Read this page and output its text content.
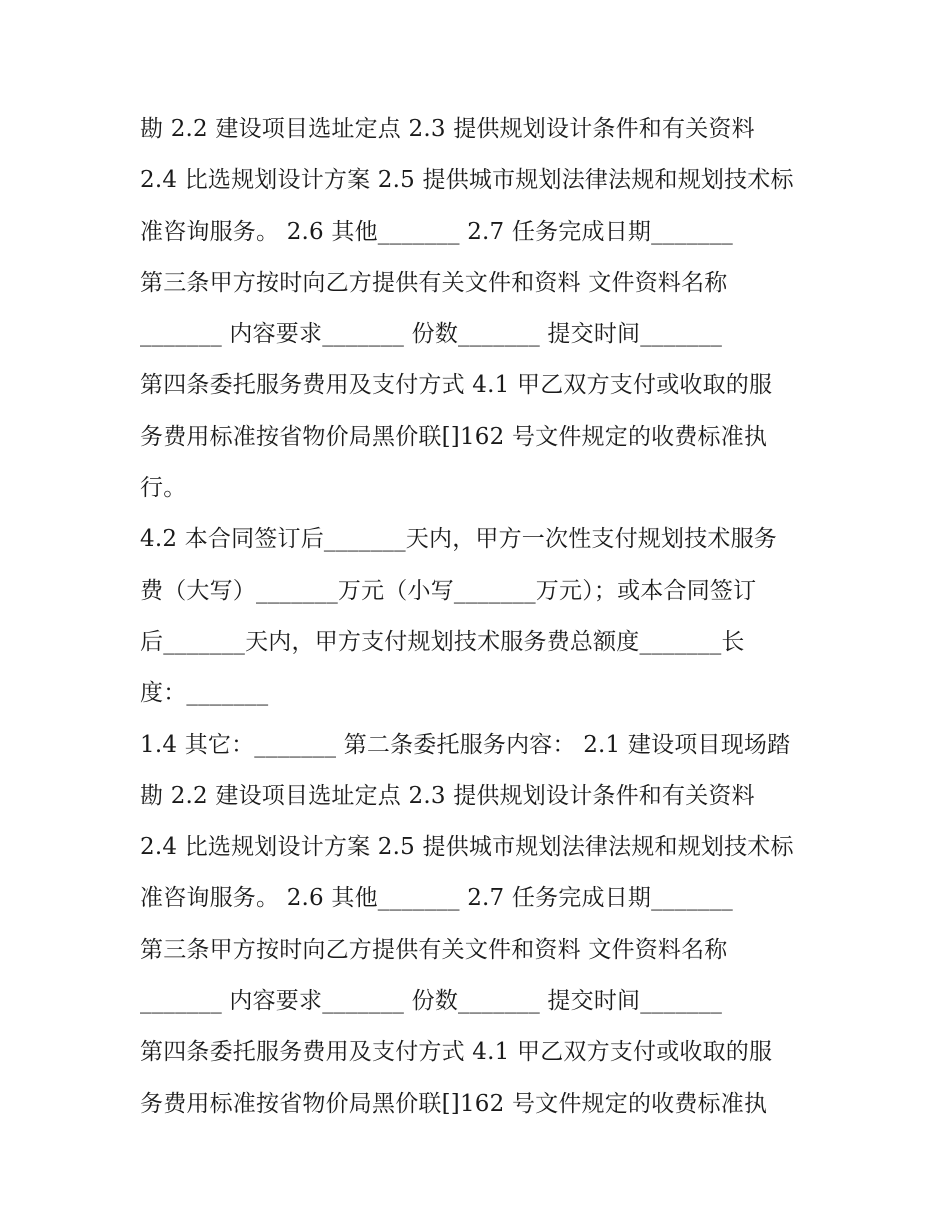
勘 2.2 建设项目选址定点 2.3 提供规划设计条件和有关资料
2.4 比选规划设计方案 2.5 提供城市规划法律法规和规划技术标
准咨询服务。 2.6 其他_______ 2.7 任务完成日期_______
第三条甲方按时向乙方提供有关文件和资料 文件资料名称
_______ 内容要求_______ 份数_______ 提交时间_______
第四条委托服务费用及支付方式 4.1 甲乙双方支付或收取的服
务费用标准按省物价局黑价联[]162 号文件规定的收费标准执
行。
4.2 本合同签订后_______天内，甲方一次性支付规划技术服务
费（大写）_______万元（小写_______万元）；或本合同签订
后_______天内，甲方支付规划技术服务费总额度_______长
度：_______
1.4 其它：_______ 第二条委托服务内容： 2.1 建设项目现场踏
勘 2.2 建设项目选址定点 2.3 提供规划设计条件和有关资料
2.4 比选规划设计方案 2.5 提供城市规划法律法规和规划技术标
准咨询服务。 2.6 其他_______ 2.7 任务完成日期_______
第三条甲方按时向乙方提供有关文件和资料 文件资料名称
_______ 内容要求_______ 份数_______ 提交时间_______
第四条委托服务费用及支付方式 4.1 甲乙双方支付或收取的服
务费用标准按省物价局黑价联[]162 号文件规定的收费标准执
